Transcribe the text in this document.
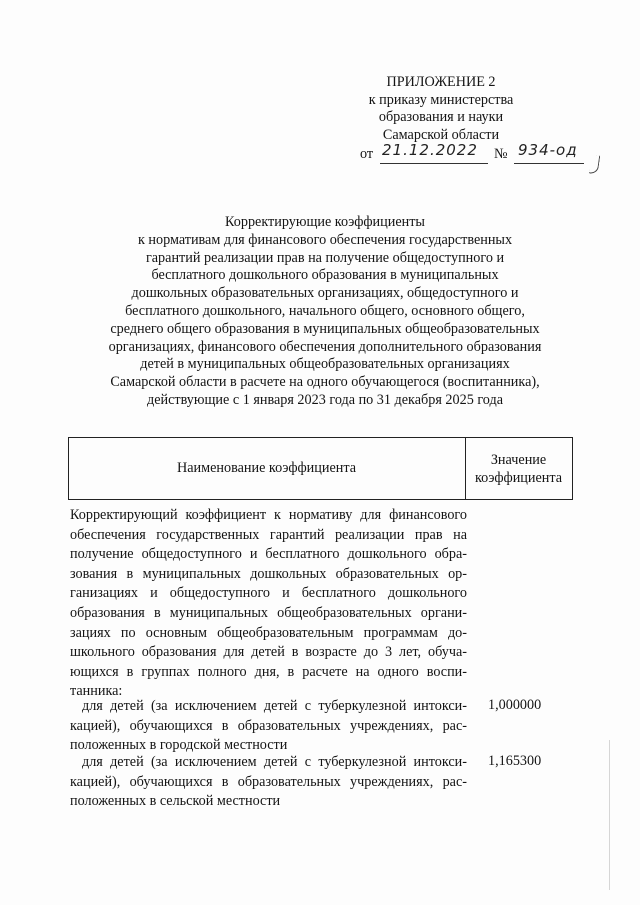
ПРИЛОЖЕНИЕ 2
к приказу министерства
образования и науки
Самарской области
от 21.12.2022 № 934-од
Корректирующие коэффициенты
к нормативам для финансового обеспечения государственных
гарантий реализации прав на получение общедоступного и
бесплатного дошкольного образования в муниципальных
дошкольных образовательных организациях, общедоступного и
бесплатного дошкольного, начального общего, основного общего,
среднего общего образования в муниципальных общеобразовательных
организациях, финансового обеспечения дополнительного образования
детей в муниципальных общеобразовательных организациях
Самарской области в расчете на одного обучающегося (воспитанника),
действующие с 1 января 2023 года по 31 декабря 2025 года
Наименование коэффициента	Значение
коэффициента
Корректирующий коэффициент к нормативу для финансового
обеспечения государственных гарантий реализации прав на
получение общедоступного и бесплатного дошкольного обра-
зования в муниципальных дошкольных образовательных ор-
ганизациях и общедоступного и бесплатного дошкольного
образования в муниципальных общеобразовательных органи-
зациях по основным общеобразовательным программам до-
школьного образования для детей в возрасте до 3 лет, обуча-
ющихся в группах полного дня, в расчете на одного воспи-
танника:
для детей (за исключением детей с туберкулезной интокси-
кацией), обучающихся в образовательных учреждениях, рас-
положенных в городской местности
1,000000
для детей (за исключением детей с туберкулезной интокси-
кацией), обучающихся в образовательных учреждениях, рас-
положенных в сельской местности
1,165300
